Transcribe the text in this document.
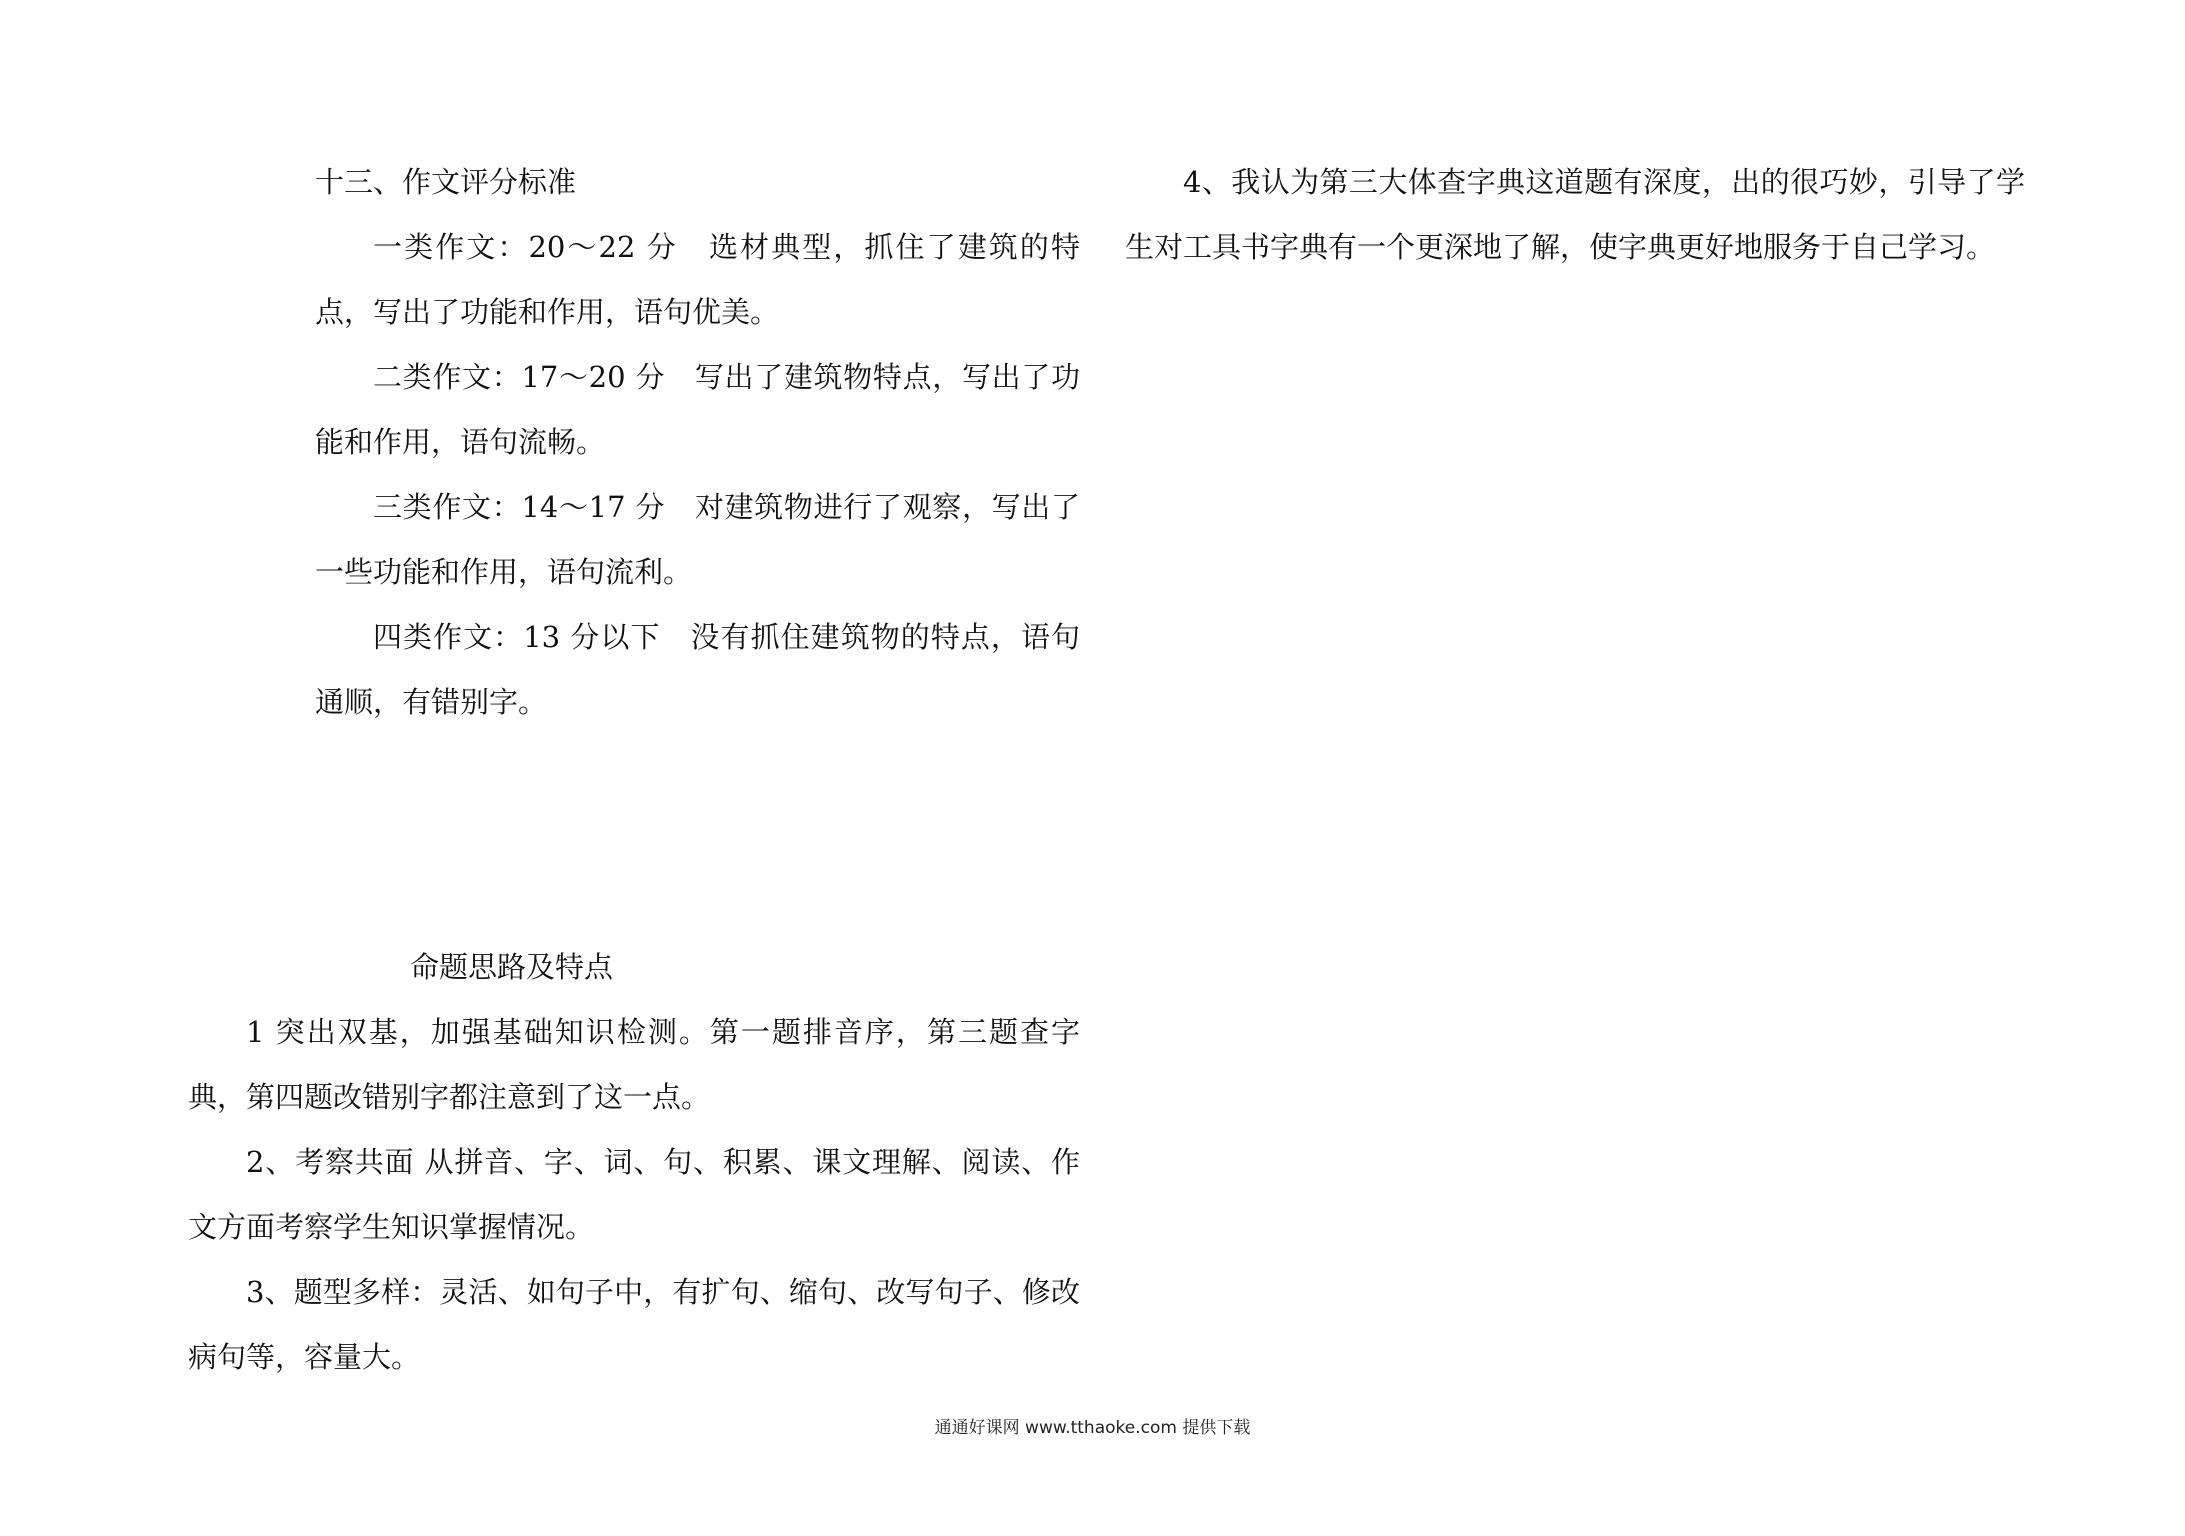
十三、作文评分标准

一类作文：20～22 分　选材典型，抓住了建筑的特点，写出了功能和作用，语句优美。

二类作文：17～20 分　写出了建筑物特点，写出了功能和作用，语句流畅。

三类作文：14～17 分　对建筑物进行了观察，写出了一些功能和作用，语句流利。

四类作文：13 分以下　没有抓住建筑物的特点，语句通顺，有错别字。

命题思路及特点

1 突出双基，加强基础知识检测。第一题排音序，第三题查字典，第四题改错别字都注意到了这一点。

2、考察共面 从拼音、字、词、句、积累、课文理解、阅读、作文方面考察学生知识掌握情况。

3、题型多样：灵活、如句子中，有扩句、缩句、改写句子、修改病句等，容量大。

4、我认为第三大体查字典这道题有深度，出的很巧妙，引导了学生对工具书字典有一个更深地了解，使字典更好地服务于自己学习。

通通好课网 www.tthaoke.com 提供下载
